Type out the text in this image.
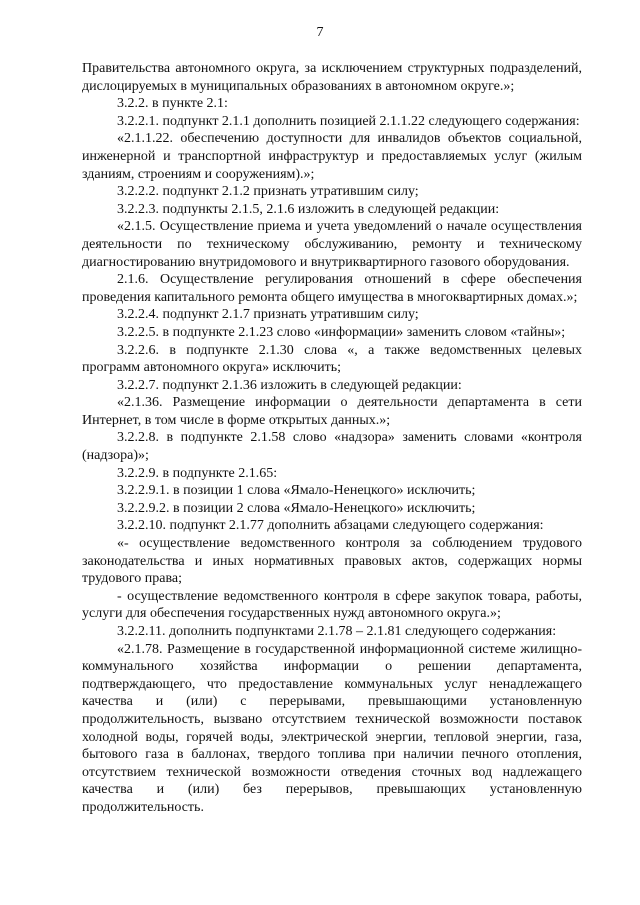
7

Правительства автономного округа, за исключением структурных подразделений, дислоцируемых в муниципальных образованиях в автономном округе.»;

3.2.2. в пункте 2.1:

3.2.2.1. подпункт 2.1.1 дополнить позицией 2.1.1.22 следующего содержания:

«2.1.1.22. обеспечению доступности для инвалидов объектов социальной, инженерной и транспортной инфраструктур и предоставляемых услуг (жилым зданиям, строениям и сооружениям).»;

3.2.2.2. подпункт 2.1.2 признать утратившим силу;

3.2.2.3. подпункты 2.1.5, 2.1.6 изложить в следующей редакции:

«2.1.5. Осуществление приема и учета уведомлений о начале осуществления деятельности по техническому обслуживанию, ремонту и техническому диагностированию внутридомового и внутриквартирного газового оборудования.

2.1.6. Осуществление регулирования отношений в сфере обеспечения проведения капитального ремонта общего имущества в многоквартирных домах.»;

3.2.2.4. подпункт 2.1.7 признать утратившим силу;

3.2.2.5. в подпункте 2.1.23 слово «информации» заменить словом «тайны»;

3.2.2.6. в подпункте 2.1.30 слова «, а также ведомственных целевых программ автономного округа» исключить;

3.2.2.7. подпункт 2.1.36 изложить в следующей редакции:

«2.1.36. Размещение информации о деятельности департамента в сети Интернет, в том числе в форме открытых данных.»;

3.2.2.8. в подпункте 2.1.58 слово «надзора» заменить словами «контроля (надзора)»;

3.2.2.9. в подпункте 2.1.65:

3.2.2.9.1. в позиции 1 слова «Ямало-Ненецкого» исключить;

3.2.2.9.2. в позиции 2 слова «Ямало-Ненецкого» исключить;

3.2.2.10. подпункт 2.1.77 дополнить абзацами следующего содержания:

«- осуществление ведомственного контроля за соблюдением трудового законодательства и иных нормативных правовых актов, содержащих нормы трудового права;

- осуществление ведомственного контроля в сфере закупок товара, работы, услуги для обеспечения государственных нужд автономного округа.»;

3.2.2.11. дополнить подпунктами 2.1.78 – 2.1.81 следующего содержания:

«2.1.78. Размещение в государственной информационной системе жилищно-коммунального хозяйства информации о решении департамента, подтверждающего, что предоставление коммунальных услуг ненадлежащего качества и (или) с перерывами, превышающими установленную продолжительность, вызвано отсутствием технической возможности поставок холодной воды, горячей воды, электрической энергии, тепловой энергии, газа, бытового газа в баллонах, твердого топлива при наличии печного отопления, отсутствием технической возможности отведения сточных вод надлежащего качества и (или) без перерывов, превышающих установленную продолжительность.
